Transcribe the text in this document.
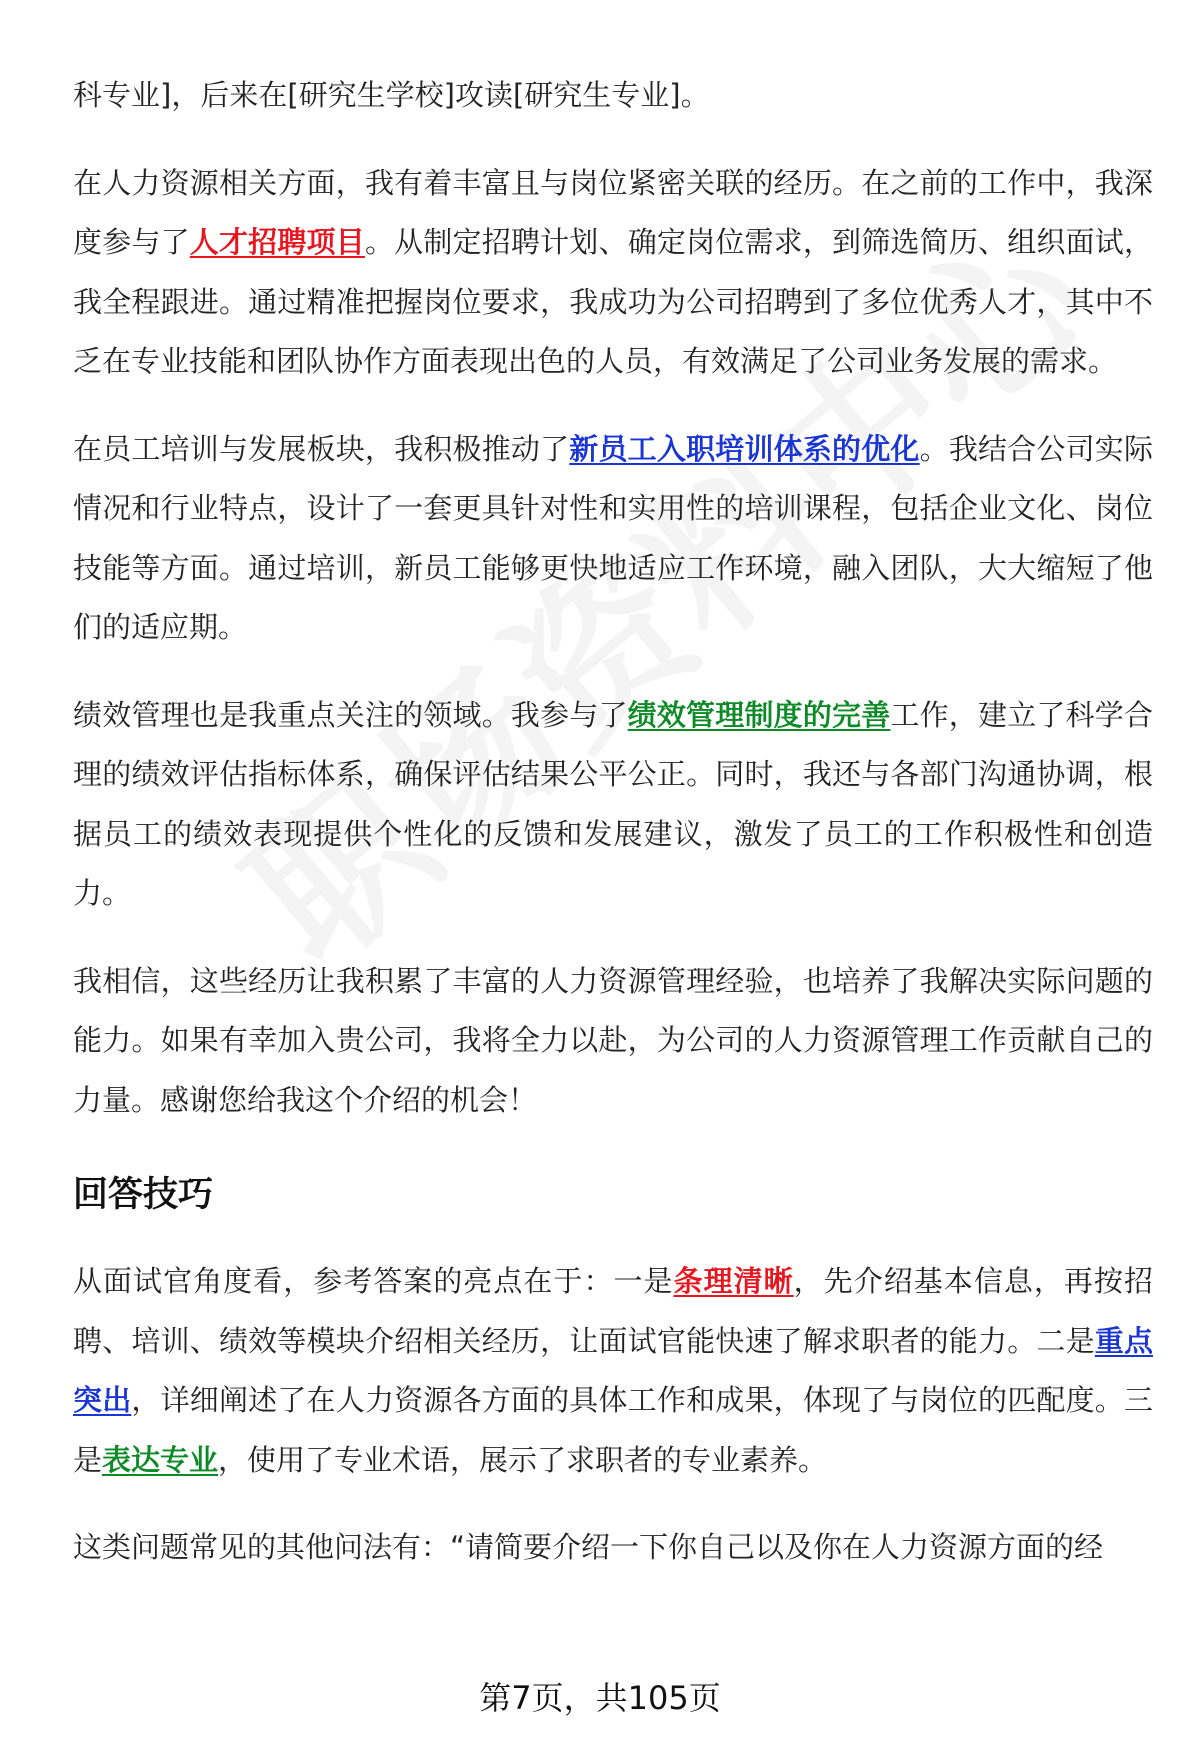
科专业]，后来在[研究生学校]攻读[研究生专业]。

在人力资源相关方面，我有着丰富且与岗位紧密关联的经历。在之前的工作中，我深度参与了人才招聘项目。从制定招聘计划、确定岗位需求，到筛选简历、组织面试，我全程跟进。通过精准把握岗位要求，我成功为公司招聘到了多位优秀人才，其中不乏在专业技能和团队协作方面表现出色的人员，有效满足了公司业务发展的需求。

在员工培训与发展板块，我积极推动了新员工入职培训体系的优化。我结合公司实际情况和行业特点，设计了一套更具针对性和实用性的培训课程，包括企业文化、岗位技能等方面。通过培训，新员工能够更快地适应工作环境，融入团队，大大缩短了他们的适应期。

绩效管理也是我重点关注的领域。我参与了绩效管理制度的完善工作，建立了科学合理的绩效评估指标体系，确保评估结果公平公正。同时，我还与各部门沟通协调，根据员工的绩效表现提供个性化的反馈和发展建议，激发了员工的工作积极性和创造力。

我相信，这些经历让我积累了丰富的人力资源管理经验，也培养了我解决实际问题的能力。如果有幸加入贵公司，我将全力以赴，为公司的人力资源管理工作贡献自己的力量。感谢您给我这个介绍的机会！

回答技巧

从面试官角度看，参考答案的亮点在于：一是条理清晰，先介绍基本信息，再按招聘、培训、绩效等模块介绍相关经历，让面试官能快速了解求职者的能力。二是重点突出，详细阐述了在人力资源各方面的具体工作和成果，体现了与岗位的匹配度。三是表达专业，使用了专业术语，展示了求职者的专业素养。

这类问题常见的其他问法有：“请简要介绍一下你自己以及你在人力资源方面的经

第7页，共105页
